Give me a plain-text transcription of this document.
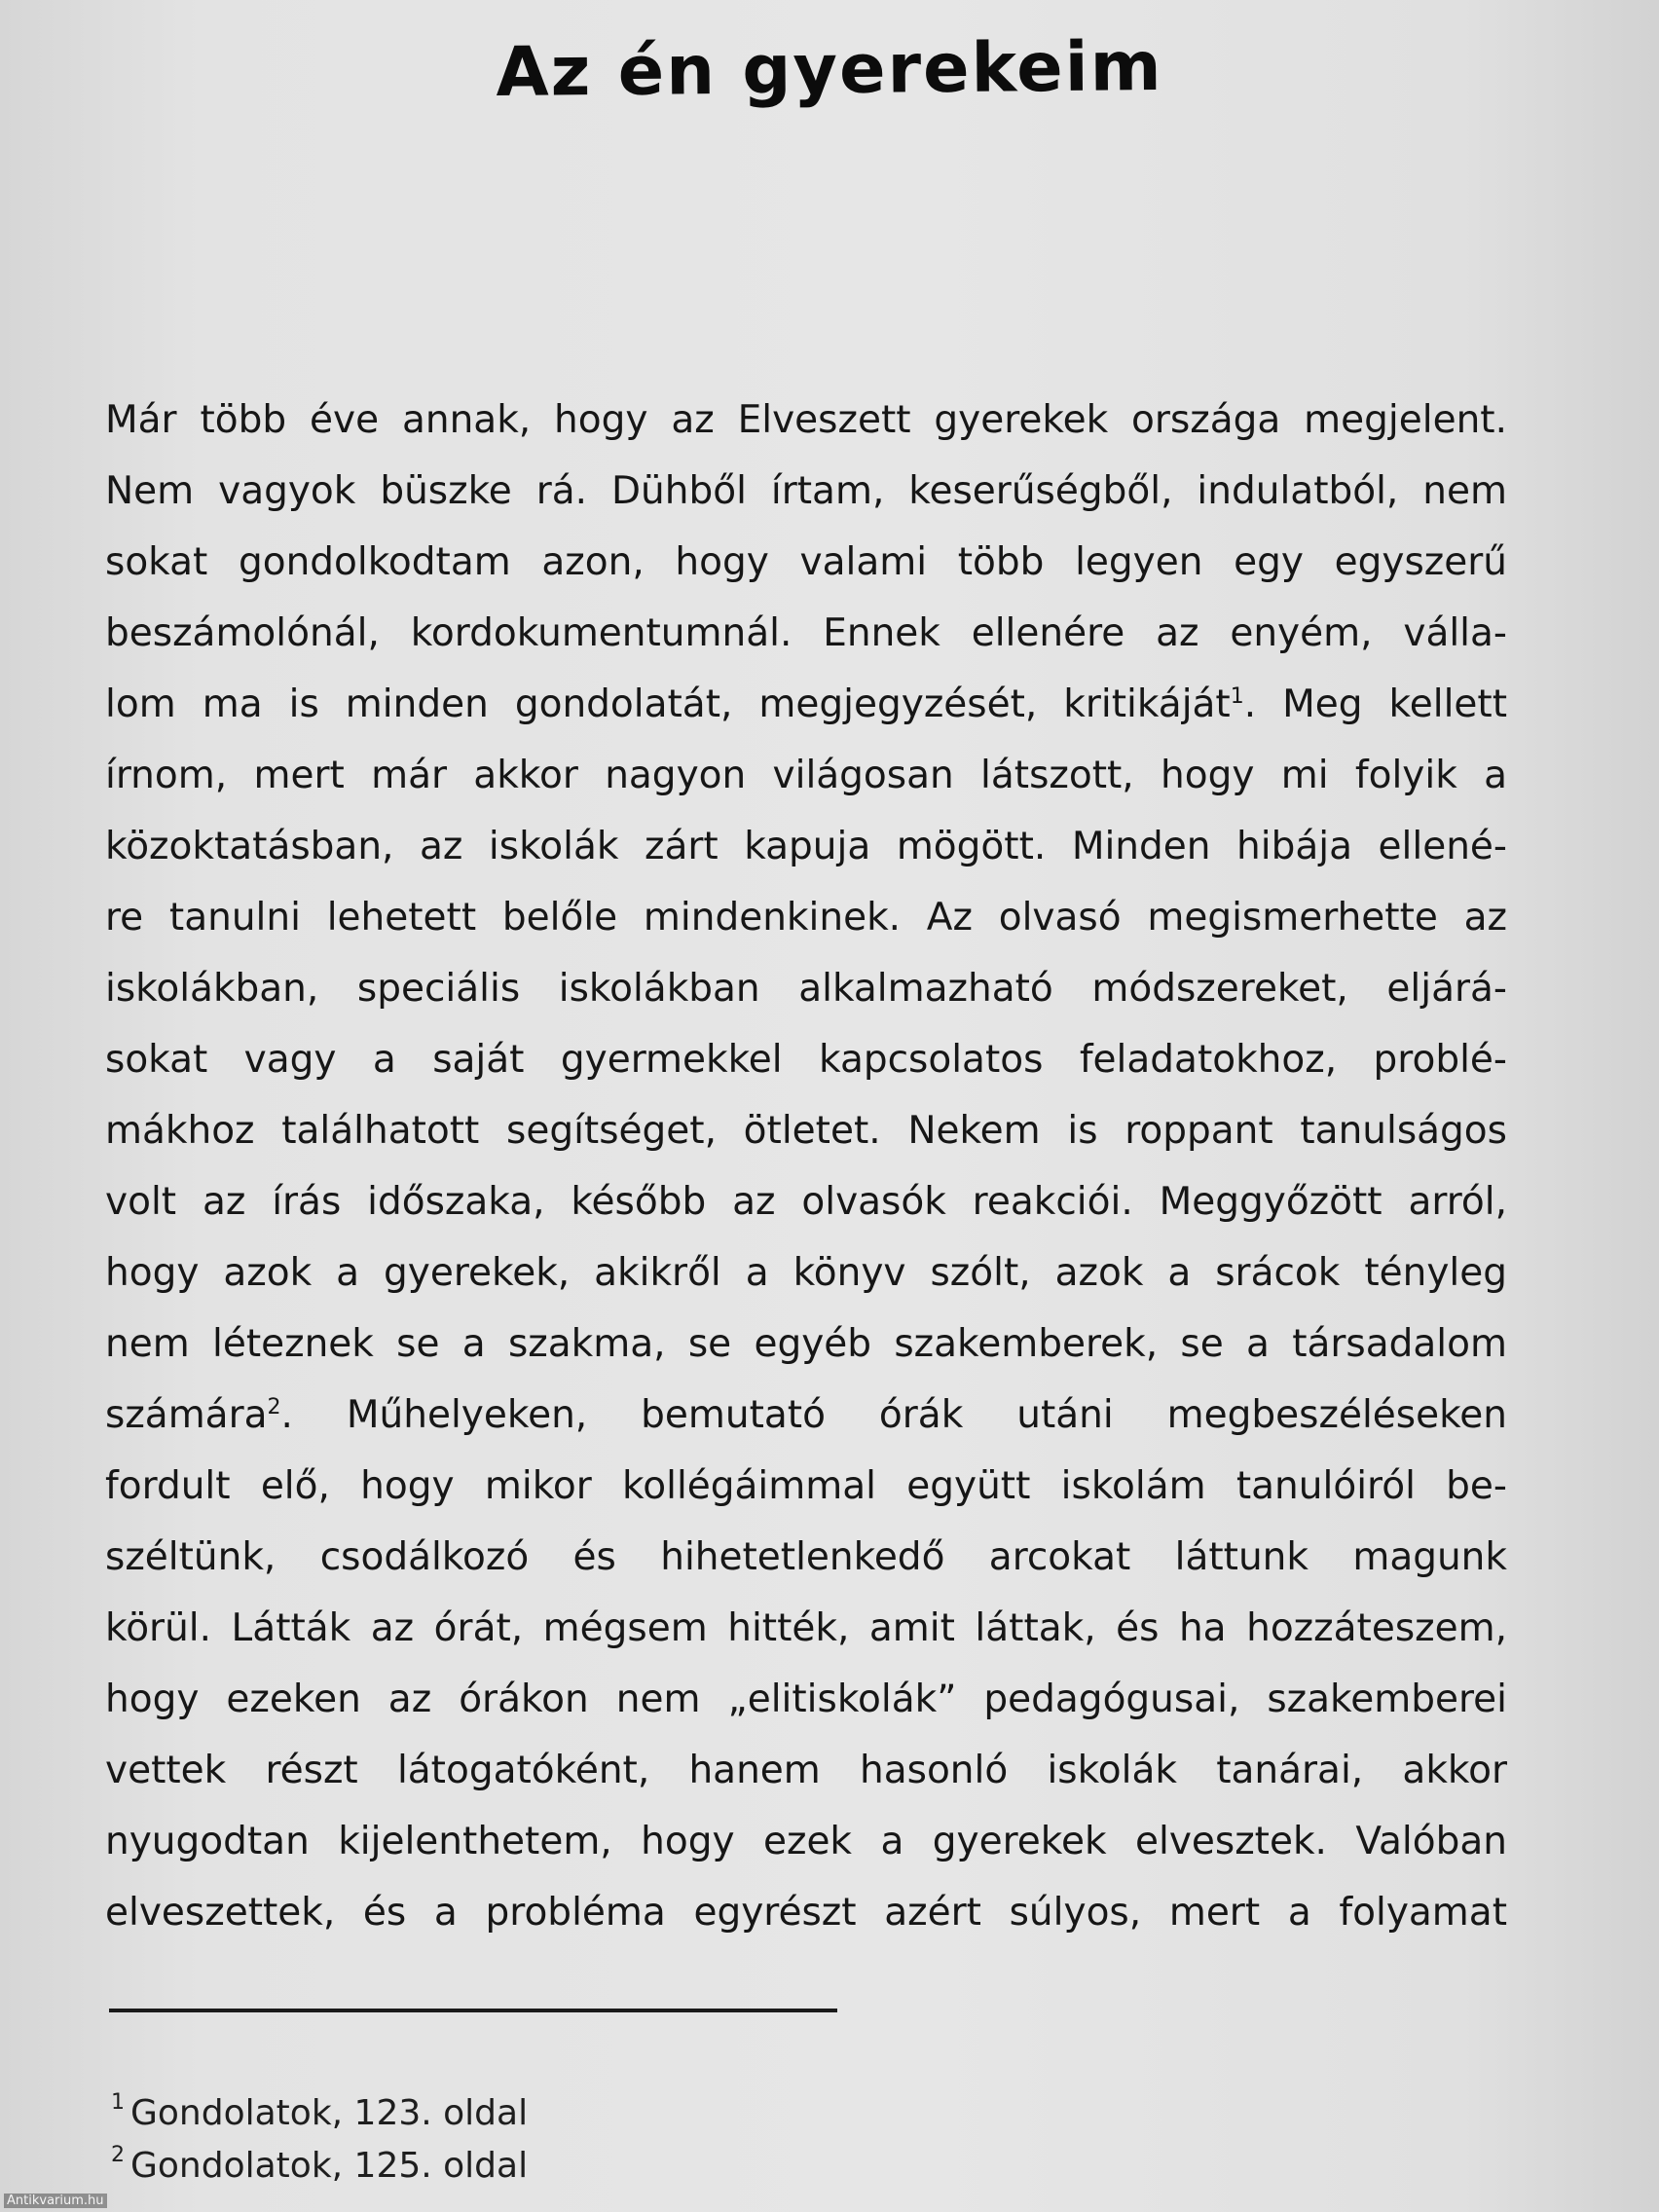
Az én gyerekeim
Már több éve annak, hogy az Elveszett gyerekek országa megjelent.
Nem vagyok büszke rá. Dühből írtam, keserűségből, indulatból, nem
sokat gondolkodtam azon, hogy valami több legyen egy egyszerű
beszámolónál, kordokumentumnál. Ennek ellenére az enyém, válla-
lom ma is minden gondolatát, megjegyzését, kritikáját$^1$. Meg kellett
írnom, mert már akkor nagyon világosan látszott, hogy mi folyik a
közoktatásban, az iskolák zárt kapuja mögött. Minden hibája ellené-
re tanulni lehetett belőle mindenkinek. Az olvasó megismerhette az
iskolákban, speciális iskolákban alkalmazható módszereket, eljárá-
sokat vagy a saját gyermekkel kapcsolatos feladatokhoz, problé-
mákhoz találhatott segítséget, ötletet. Nekem is roppant tanulságos
volt az írás időszaka, később az olvasók reakciói. Meggyőzött arról,
hogy azok a gyerekek, akikről a könyv szólt, azok a srácok tényleg
nem léteznek se a szakma, se egyéb szakemberek, se a társadalom
számára$^2$. Műhelyeken, bemutató órák utáni megbeszéléseken
fordult elő, hogy mikor kollégáimmal együtt iskolám tanulóiról be-
széltünk, csodálkozó és hihetetlenkedő arcokat láttunk magunk
körül. Látták az órát, mégsem hitték, amit láttak, és ha hozzáteszem,
hogy ezeken az órákon nem „elitiskolák” pedagógusai, szakemberei
vettek részt látogatóként, hanem hasonló iskolák tanárai, akkor
nyugodtan kijelenthetem, hogy ezek a gyerekek elvesztek. Valóban
elveszettek, és a probléma egyrészt azért súlyos, mert a folyamat
$^1$ Gondolatok, 123. oldal
$^2$ Gondolatok, 125. oldal
Antikvarium.hu
